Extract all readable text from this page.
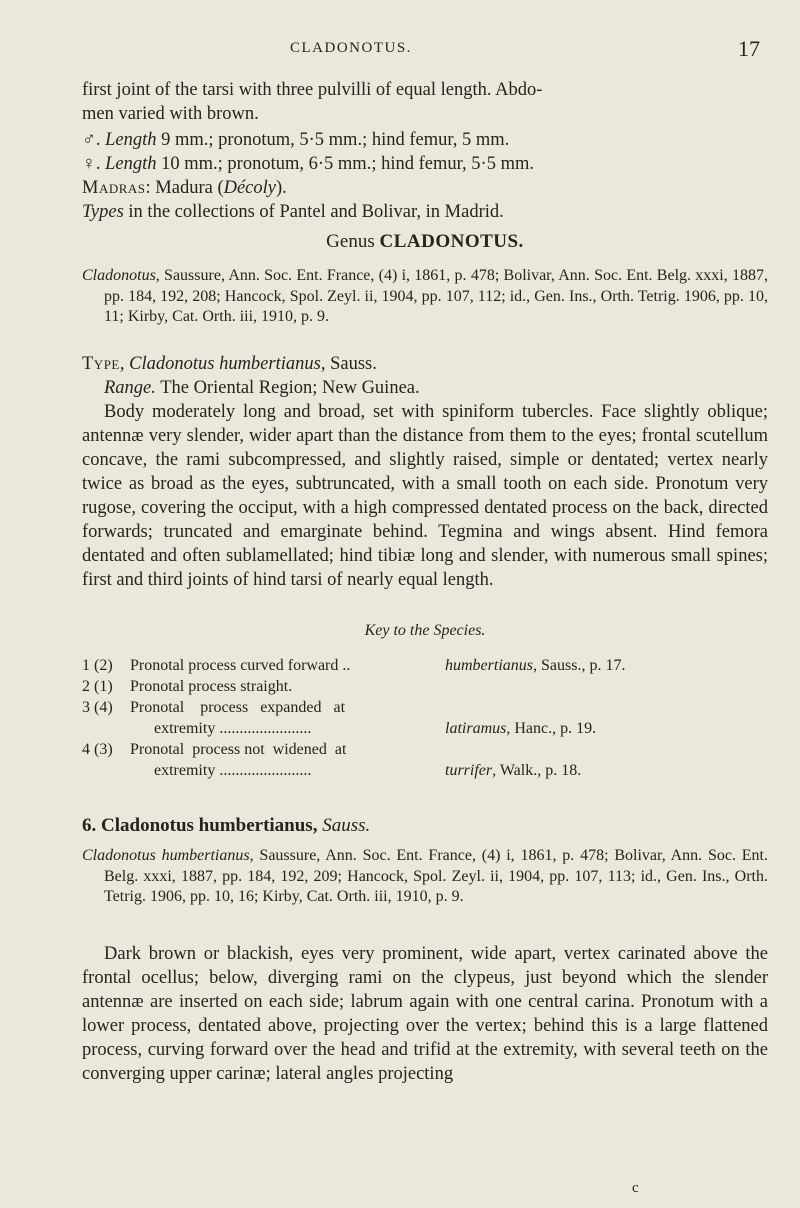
CLADONOTUS.	17

first joint of the tarsi with three pulvilli of equal length. Abdo-

men varied with brown.

♂. Length 9 mm.; pronotum, 5·5 mm.; hind femur, 5 mm.

♀. Length 10 mm.; pronotum, 6·5 mm.; hind femur, 5·5 mm.

Madras: Madura (Décoly).

Types in the collections of Pantel and Bolivar, in Madrid.

Genus CLADONOTUS.

Cladonotus, Saussure, Ann. Soc. Ent. France, (4) i, 1861, p. 478; Bolivar, Ann. Soc. Ent. Belg. xxxi, 1887, pp. 184, 192, 208; Hancock, Spol. Zeyl. ii, 1904, pp. 107, 112; id., Gen. Ins., Orth. Tetrig. 1906, pp. 10, 11; Kirby, Cat. Orth. iii, 1910, p. 9.

Type, Cladonotus humbertianus, Sauss.

Range. The Oriental Region; New Guinea.

Body moderately long and broad, set with spiniform tubercles. Face slightly oblique; antennæ very slender, wider apart than the distance from them to the eyes; frontal scutellum concave, the rami subcompressed, and slightly raised, simple or dentated; vertex nearly twice as broad as the eyes, subtruncated, with a small tooth on each side. Pronotum very rugose, covering the occiput, with a high compressed dentated process on the back, directed forwards; truncated and emarginate behind. Tegmina and wings absent. Hind femora dentated and often sublamellated; hind tibiæ long and slender, with numerous small spines; first and third joints of hind tarsi of nearly equal length.

Key to the Species.
1 (2) Pronotal process curved forward ..	humbertianus, Sauss., p. 17.
2 (1) Pronotal process straight.
3 (4) Pronotal    process   expanded   at
extremity .......................	latiramus, Hanc., p. 19.
4 (3) Pronotal  process not  widened  at
extremity .......................	turrifer, Walk., p. 18.

6. Cladonotus humbertianus, Sauss.

Cladonotus humbertianus, Saussure, Ann. Soc. Ent. France, (4) i, 1861, p. 478; Bolivar, Ann. Soc. Ent. Belg. xxxi, 1887, pp. 184, 192, 209; Hancock, Spol. Zeyl. ii, 1904, pp. 107, 113; id., Gen. Ins., Orth. Tetrig. 1906, pp. 10, 16; Kirby, Cat. Orth. iii, 1910, p. 9.

Dark brown or blackish, eyes very prominent, wide apart, vertex carinated above the frontal ocellus; below, diverging rami on the clypeus, just beyond which the slender antennæ are inserted on each side; labrum again with one central carina. Pronotum with a lower process, dentated above, projecting over the vertex; behind this is a large flattened process, curving forward over the head and trifid at the extremity, with several teeth on the converging upper carinæ; lateral angles projecting

c
